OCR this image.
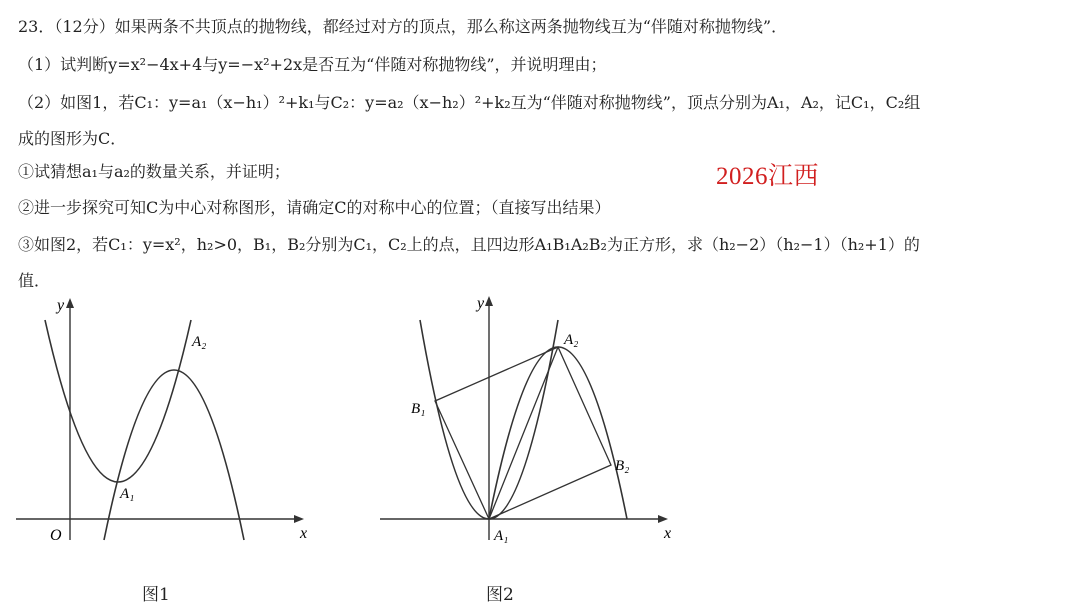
23．（12分）如果两条不共顶点的抛物线，都经过对方的顶点，那么称这两条抛物线互为“伴随对称抛物线”．
（1）试判断y=x²−4x+4与y=−x²+2x是否互为“伴随对称抛物线”，并说明理由；
（2）如图1，若C₁：y=a₁（x−h₁）²+k₁与C₂：y=a₂（x−h₂）²+k₂互为“伴随对称抛物线”，顶点分别为A₁，A₂，记C₁，C₂组
成的图形为C．
①试猜想a₁与a₂的数量关系，并证明；
②进一步探究可知C为中心对称图形，请确定C的对称中心的位置；（直接写出结果）
③如图2，若C₁：y=x²，h₂>0，B₁，B₂分别为C₁，C₂上的点，且四边形A₁B₁A₂B₂为正方形，求（h₂−2）（h₂−1）（h₂+1）的
值．
2026江西
y
x
O
A₁
A₂
图1
y
x
A₁
A₂
B₁
B₂
图2
